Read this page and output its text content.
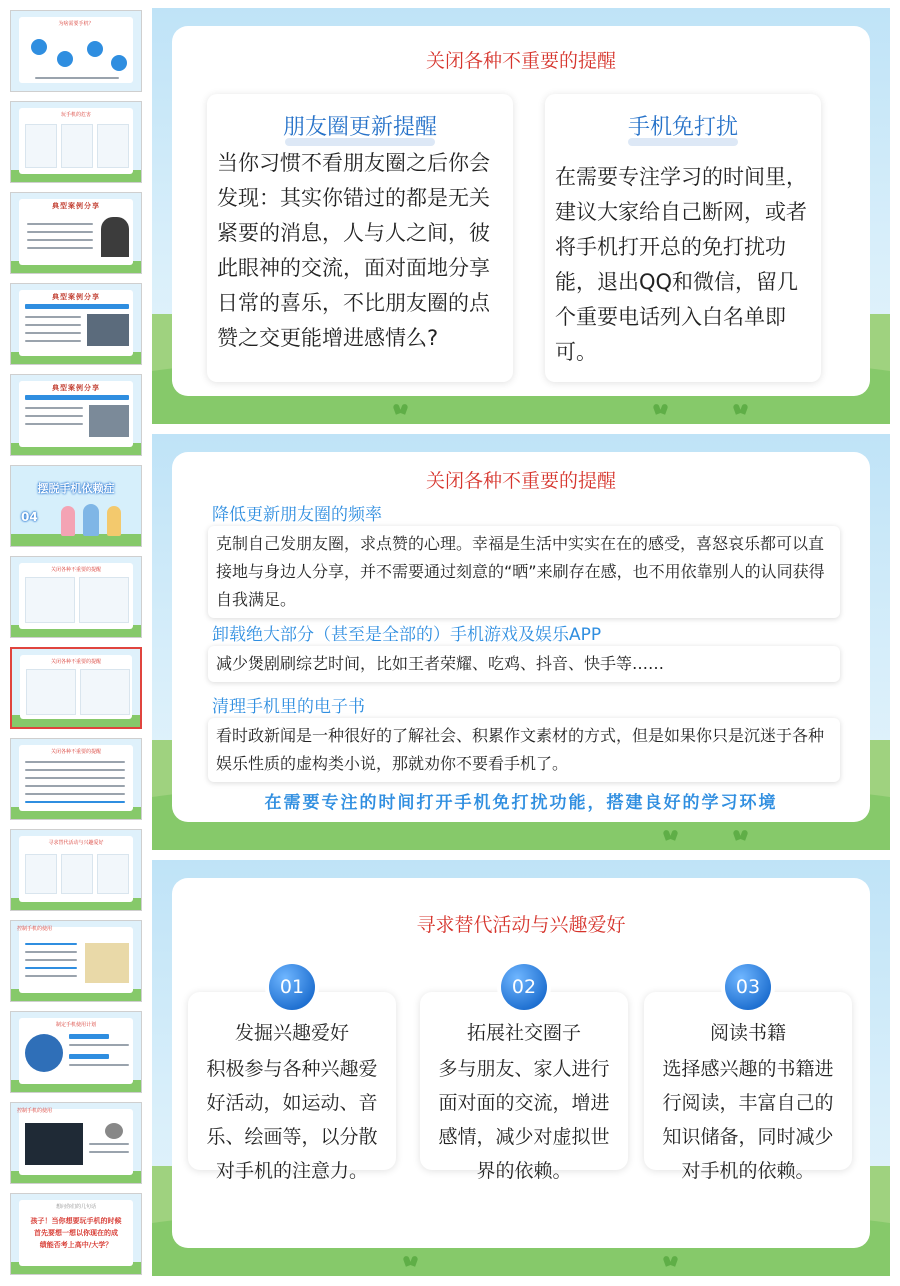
为啥需要手机？
玩手机的危害
典型案例分享
典型案例分享
典型案例分享
摆脱手机依赖症
04
关闭各种不重要的提醒
关闭各种不重要的提醒
关闭各种不重要的提醒
寻求替代活动与兴趣爱好
控制手机的使用
制定手机使用计划
控制手机的使用
想问你们的几句话
孩子！当你想要玩手机的时候
首先要想一想以你现在的成
绩能否考上高中/大学？
关闭各种不重要的提醒
朋友圈更新提醒
当你习惯不看朋友圈之后你会发现：其实你错过的都是无关紧要的消息，人与人之间，彼此眼神的交流，面对面地分享日常的喜乐，不比朋友圈的点赞之交更能增进感情么?
手机免打扰
在需要专注学习的时间里，建议大家给自己断网，或者将手机打开总的免打扰功能，退出QQ和微信，留几个重要电话列入白名单即可。
关闭各种不重要的提醒
降低更新朋友圈的频率
克制自己发朋友圈，求点赞的心理。幸福是生活中实实在在的感受，喜怒哀乐都可以直接地与身边人分享，并不需要通过刻意的“晒”来刷存在感，也不用依靠别人的认同获得自我满足。
卸载绝大部分（甚至是全部的）手机游戏及娱乐APP
减少煲剧刷综艺时间，比如王者荣耀、吃鸡、抖音、快手等……
清理手机里的电子书
看时政新闻是一种很好的了解社会、积累作文素材的方式，但是如果你只是沉迷于各种娱乐性质的虚构类小说，那就劝你不要看手机了。
在需要专注的时间打开手机免打扰功能，搭建良好的学习环境
寻求替代活动与兴趣爱好
发掘兴趣爱好
积极参与各种兴趣爱好活动，如运动、音乐、绘画等，以分散对手机的注意力。
01
拓展社交圈子
多与朋友、家人进行面对面的交流，增进感情，减少对虚拟世界的依赖。
02
阅读书籍
选择感兴趣的书籍进行阅读，丰富自己的知识储备，同时减少对手机的依赖。
03
